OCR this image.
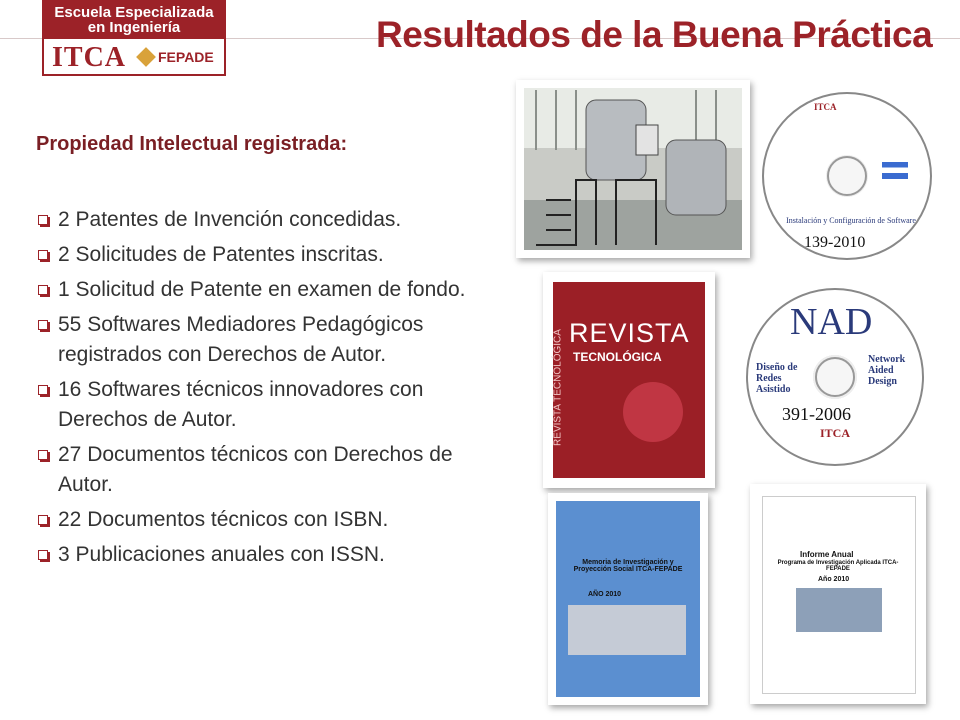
Escuela Especializada
en Ingeniería
ITCA FEPADE
Resultados de la Buena Práctica
Propiedad Intelectual registrada:
2 Patentes de Invención concedidas.
2 Solicitudes de Patentes inscritas.
1 Solicitud de Patente en examen de fondo.
55 Softwares Mediadores Pedagógicos registrados con Derechos de Autor.
16 Softwares técnicos innovadores con Derechos de Autor.
27 Documentos técnicos con Derechos de Autor.
22 Documentos técnicos con ISBN.
3 Publicaciones anuales con ISSN.
ITCA
Instalación y Configuración de Software
139-2010
REVISTA
TECNOLÓGICA
REVISTA TECNOLÓGICA
NAD
Diseño de Redes Asistido
Network Aided Design
391-2006
ITCA
Memoria de Investigación y Proyección Social ITCA-FEPADE
AÑO 2010
Informe Anual
Programa de Investigación Aplicada ITCA-FEPADE
Año 2010
